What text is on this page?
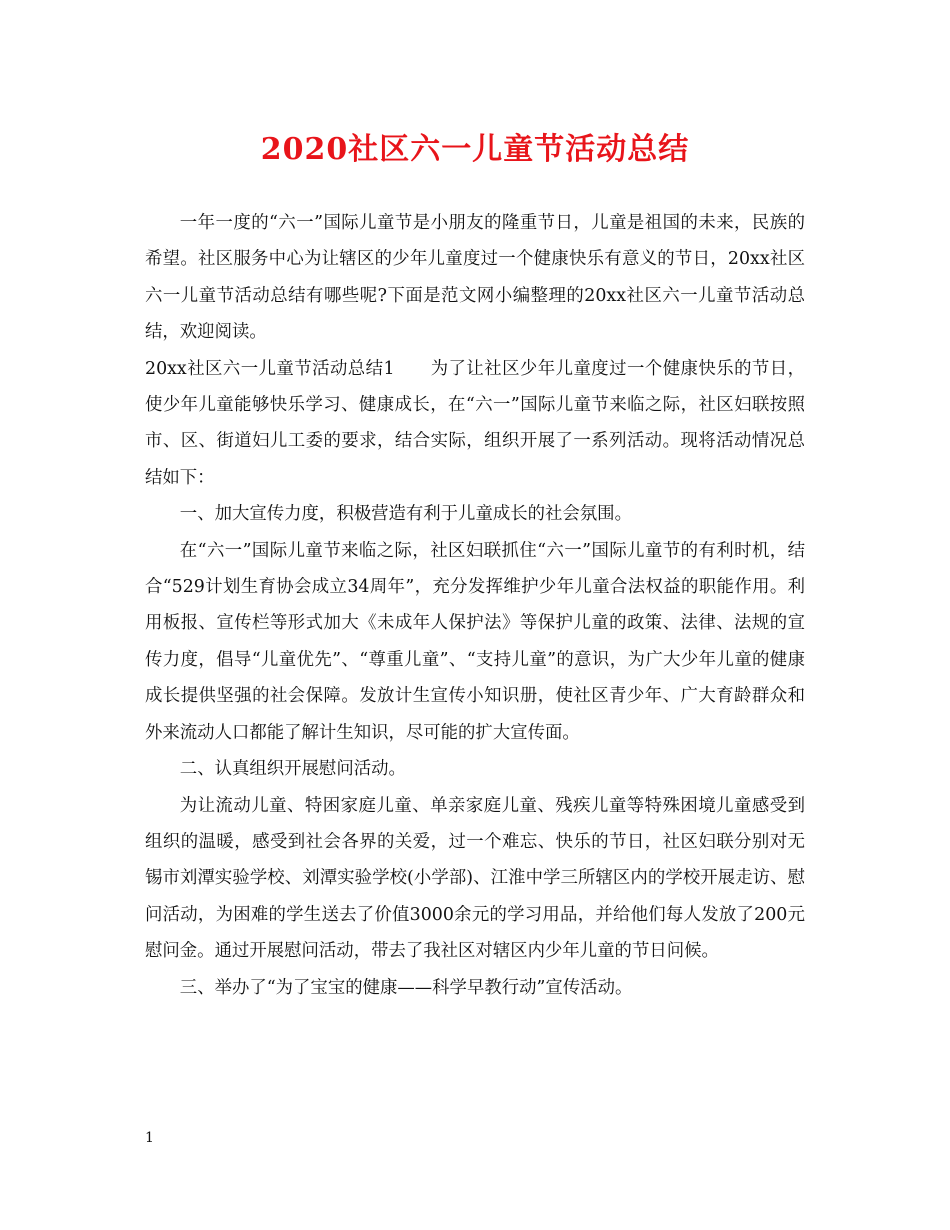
2020社区六一儿童节活动总结

一年一度的“六一”国际儿童节是小朋友的隆重节日，儿童是祖国的未来，民族的希望。社区服务中心为让辖区的少年儿童度过一个健康快乐有意义的节日，20xx社区六一儿童节活动总结有哪些呢?下面是范文网小编整理的20xx社区六一儿童节活动总结，欢迎阅读。

20xx社区六一儿童节活动总结1　　为了让社区少年儿童度过一个健康快乐的节日，使少年儿童能够快乐学习、健康成长，在“六一”国际儿童节来临之际，社区妇联按照市、区、街道妇儿工委的要求，结合实际，组织开展了一系列活动。现将活动情况总结如下：

一、加大宣传力度，积极营造有利于儿童成长的社会氛围。

在“六一”国际儿童节来临之际，社区妇联抓住“六一”国际儿童节的有利时机，结合“529计划生育协会成立34周年”，充分发挥维护少年儿童合法权益的职能作用。利用板报、宣传栏等形式加大《未成年人保护法》等保护儿童的政策、法律、法规的宣传力度，倡导“儿童优先”、“尊重儿童”、“支持儿童”的意识，为广大少年儿童的健康成长提供坚强的社会保障。发放计生宣传小知识册，使社区青少年、广大育龄群众和外来流动人口都能了解计生知识，尽可能的扩大宣传面。

二、认真组织开展慰问活动。

为让流动儿童、特困家庭儿童、单亲家庭儿童、残疾儿童等特殊困境儿童感受到组织的温暖，感受到社会各界的关爱，过一个难忘、快乐的节日，社区妇联分别对无锡市刘潭实验学校、刘潭实验学校(小学部)、江淮中学三所辖区内的学校开展走访、慰问活动，为困难的学生送去了价值3000余元的学习用品，并给他们每人发放了200元慰问金。通过开展慰问活动，带去了我社区对辖区内少年儿童的节日问候。

三、举办了“为了宝宝的健康——科学早教行动”宣传活动。

1
